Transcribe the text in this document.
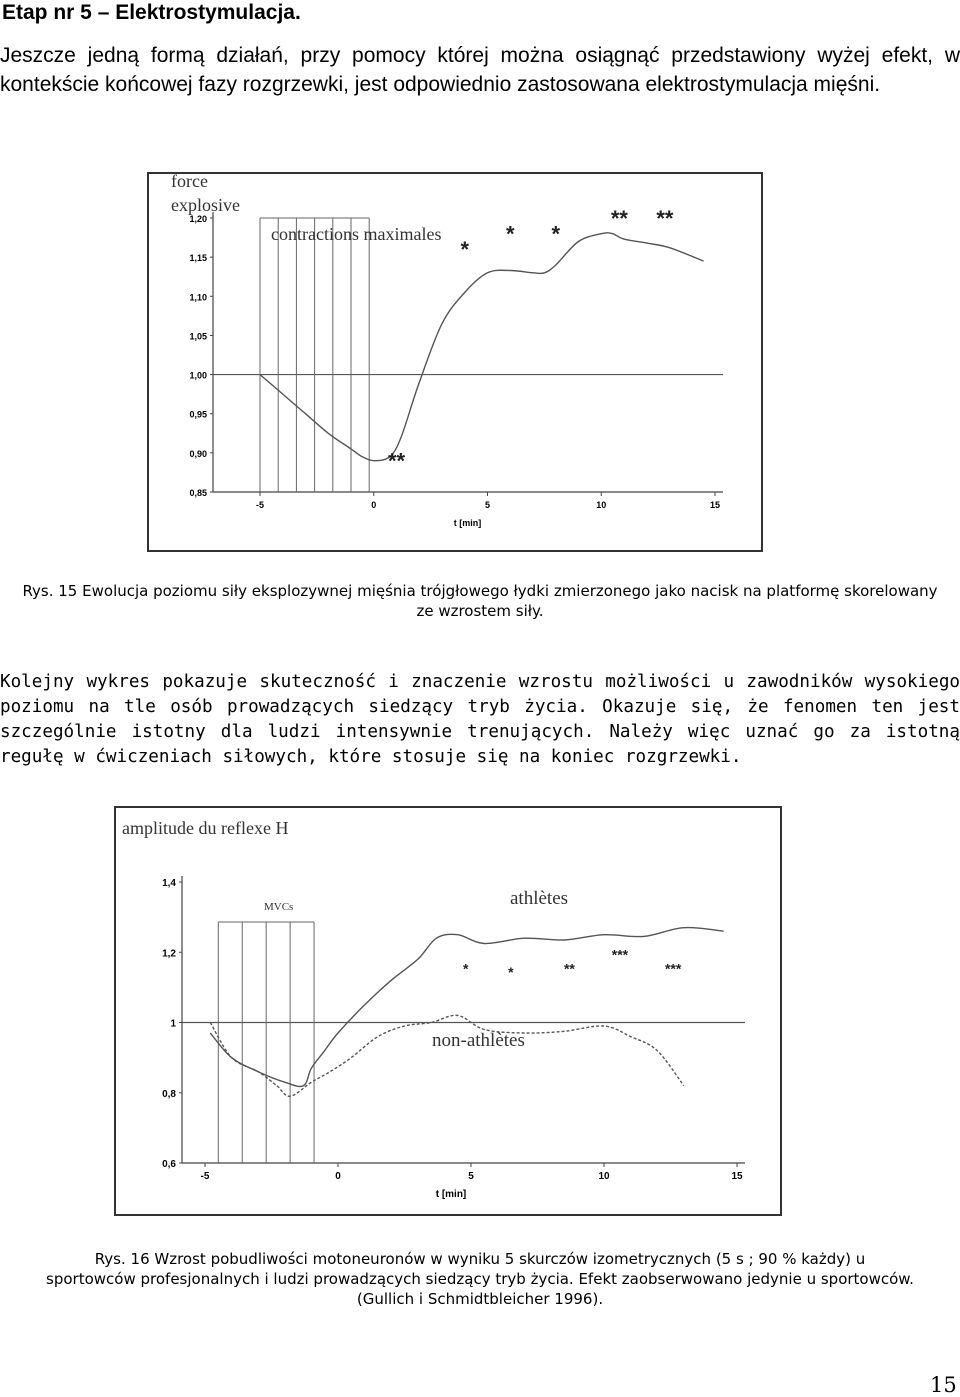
Etap nr 5 – Elektrostymulacja.
Jeszcze jedną formą działań, przy pomocy której można osiągnąć przedstawiony wyżej efekt, w kontekście końcowej fazy rozgrzewki, jest odpowiednio zastosowana elektrostymulacja mięśni.
0,85
0,90
0,95
1,00
1,05
1,10
1,15
1,20
-5	0	5	10	15
t [min]
contractions maximales
force
explosive
**
*
* *
** **
Rys. 15 Ewolucja poziomu siły eksplozywnej mięśnia trójgłowego łydki zmierzonego jako nacisk na platformę skorelowany ze wzrostem siły.
Kolejny wykres pokazuje skuteczność i znaczenie wzrostu możliwości u zawodników wysokiego poziomu na tle osób prowadzących siedzący tryb życia. Okazuje się, że fenomen ten jest szczególnie istotny dla ludzi intensywnie trenujących. Należy więc uznać go za istotną regułę w ćwiczeniach siłowych, które stosuje się na koniec rozgrzewki.
0,6
0,8
1
1,2
1,4
-5	0	5	10	15
t [min]
MVCs
amplitude du reflexe H
athlètes
non-athlètes
*	*	**
***
***
Rys. 16 Wzrost pobudliwości motoneuronów w wyniku 5 skurczów izometrycznych (5 s ; 90 % każdy) u
sportowców profesjonalnych i ludzi prowadzących siedzący tryb życia. Efekt zaobserwowano jedynie u sportowców.
(Gullich i Schmidtbleicher 1996).
15
